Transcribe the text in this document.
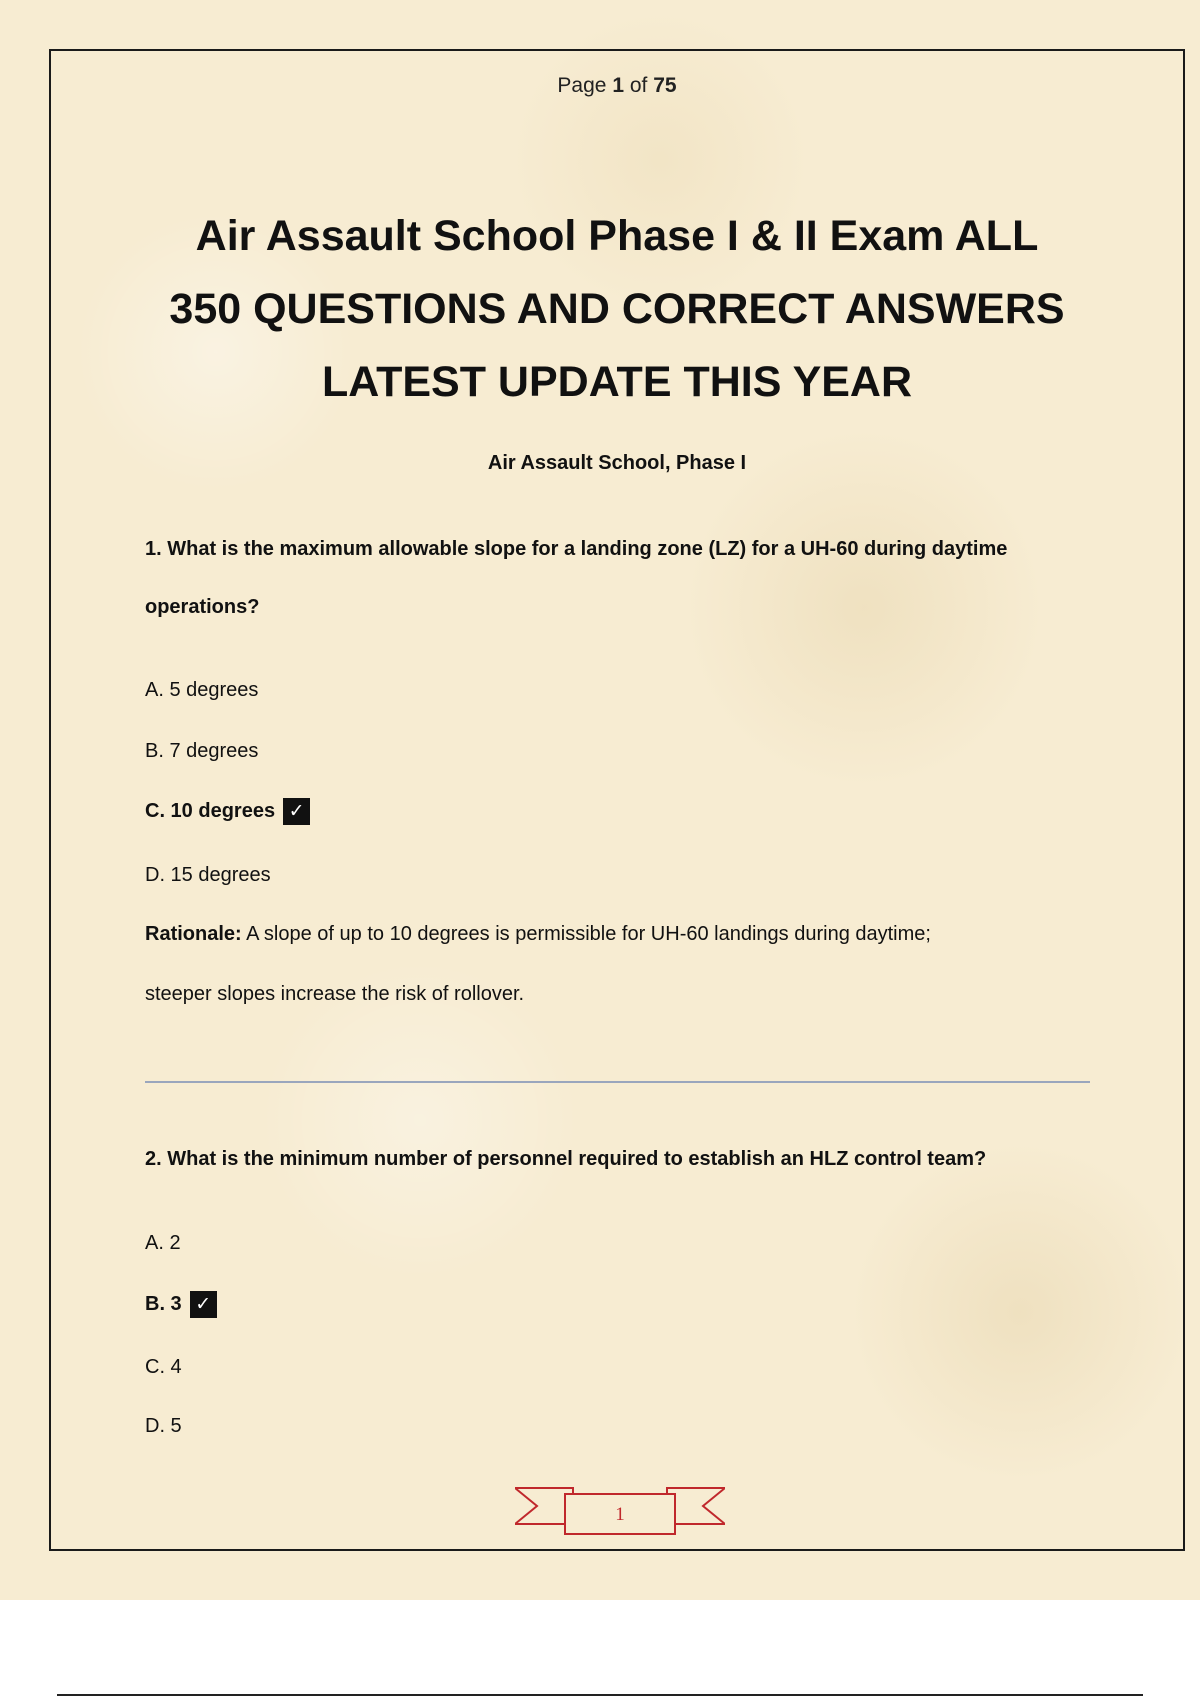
Page 1 of 75
Air Assault School Phase I & II Exam ALL
350 QUESTIONS AND CORRECT ANSWERS
LATEST UPDATE THIS YEAR
Air Assault School, Phase I

1. What is the maximum allowable slope for a landing zone (LZ) for a UH-60 during daytime
operations?

A. 5 degrees
B. 7 degrees
C. 10 degrees ✓
D. 15 degrees
Rationale: A slope of up to 10 degrees is permissible for UH-60 landings during daytime;
steeper slopes increase the risk of rollover.

2. What is the minimum number of personnel required to establish an HLZ control team?

A. 2
B. 3 ✓
C. 4
D. 5
1
